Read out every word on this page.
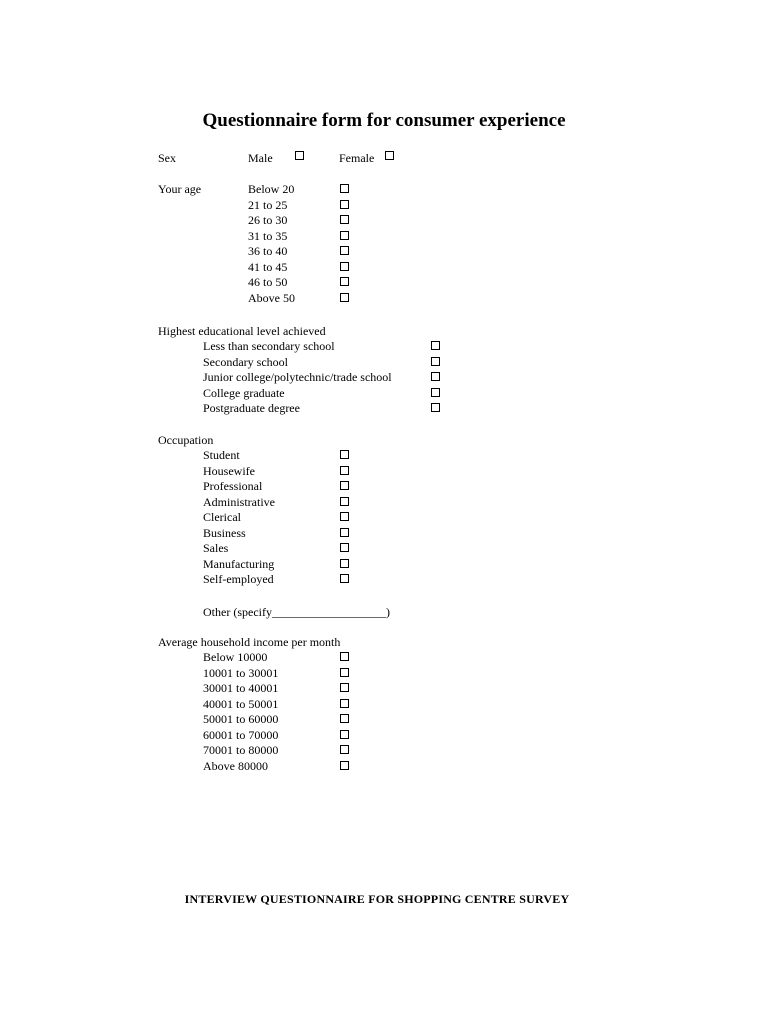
Questionnaire form for consumer experience
Sex	Male	Female
Your age	Below 20
21 to 25
26 to 30
31 to 35
36 to 40
41 to 45
46 to 50
Above 50
Highest educational level achieved
Less than secondary school
Secondary school
Junior college/polytechnic/trade school
College graduate
Postgraduate degree
Occupation
Student
Housewife
Professional
Administrative
Clerical
Business
Sales
Manufacturing
Self-employed
Other (specify___________________)
Average household income per month
Below 10000
10001 to 30001
30001 to 40001
40001 to 50001
50001 to 60000
60001 to 70000
70001 to 80000
Above 80000
INTERVIEW QUESTIONNAIRE FOR SHOPPING CENTRE SURVEY
